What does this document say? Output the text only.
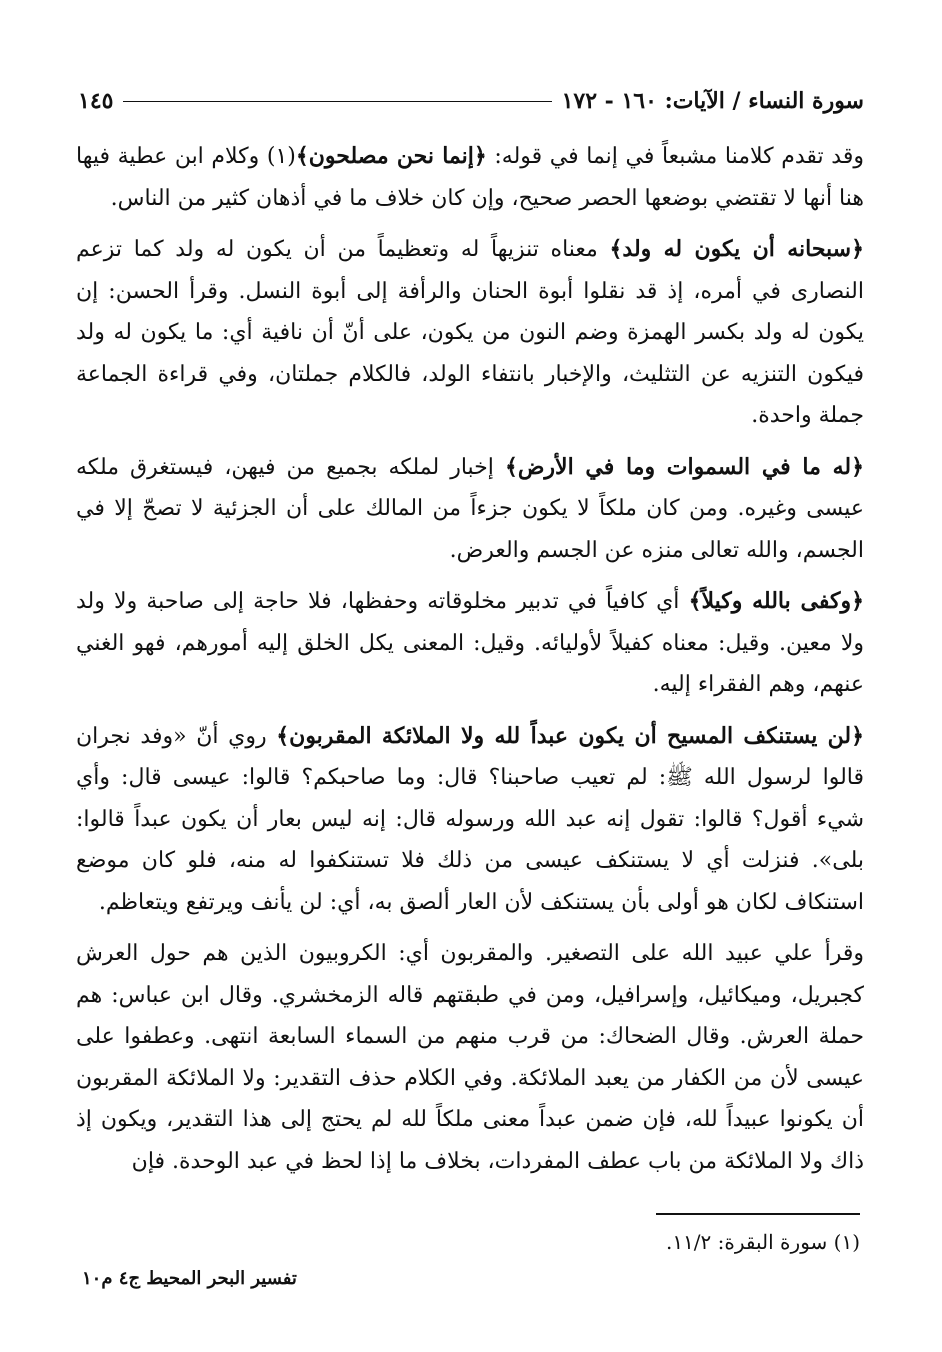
سورة النساء / الآيات: ١٦٠ - ١٧٢
١٤٥

وقد تقدم كلامنا مشبعاً في إنما في قوله: ﴿إنما نحن مصلحون﴾(١) وكلام ابن عطية فيها هنا أنها لا تقتضي بوضعها الحصر صحيح، وإن كان خلاف ما في أذهان كثير من الناس.

﴿سبحانه أن يكون له ولد﴾ معناه تنزيهاً له وتعظيماً من أن يكون له ولد كما تزعم النصارى في أمره، إذ قد نقلوا أبوة الحنان والرأفة إلى أبوة النسل. وقرأ الحسن: إن يكون له ولد بكسر الهمزة وضم النون من يكون، على أنّ أن نافية أي: ما يكون له ولد فيكون التنزيه عن التثليث، والإخبار بانتفاء الولد، فالكلام جملتان، وفي قراءة الجماعة جملة واحدة.

﴿له ما في السموات وما في الأرض﴾ إخبار لملكه بجميع من فيهن، فيستغرق ملكه عيسى وغيره. ومن كان ملكاً لا يكون جزءاً من المالك على أن الجزئية لا تصحّ إلا في الجسم، والله تعالى منزه عن الجسم والعرض.

﴿وكفى بالله وكيلاً﴾ أي كافياً في تدبير مخلوقاته وحفظها، فلا حاجة إلى صاحبة ولا ولد ولا معين. وقيل: معناه كفيلاً لأوليائه. وقيل: المعنى يكل الخلق إليه أمورهم، فهو الغني عنهم، وهم الفقراء إليه.

﴿لن يستنكف المسيح أن يكون عبداً لله ولا الملائكة المقربون﴾ روي أنّ «وفد نجران قالوا لرسول الله ﷺ: لم تعيب صاحبنا؟ قال: وما صاحبكم؟ قالوا: عيسى قال: وأي شيء أقول؟ قالوا: تقول إنه عبد الله ورسوله قال: إنه ليس بعار أن يكون عبداً قالوا: بلى». فنزلت أي لا يستنكف عيسى من ذلك فلا تستنكفوا له منه، فلو كان موضع استنكاف لكان هو أولى بأن يستنكف لأن العار ألصق به، أي: لن يأنف ويرتفع ويتعاظم.

وقرأ علي عبيد الله على التصغير. والمقربون أي: الكروبيون الذين هم حول العرش كجبريل، وميكائيل، وإسرافيل، ومن في طبقتهم قاله الزمخشري. وقال ابن عباس: هم حملة العرش. وقال الضحاك: من قرب منهم من السماء السابعة انتهى. وعطفوا على عيسى لأن من الكفار من يعبد الملائكة. وفي الكلام حذف التقدير: ولا الملائكة المقربون أن يكونوا عبيداً لله، فإن ضمن عبداً معنى ملكاً لله لم يحتج إلى هذا التقدير، ويكون إذ ذاك ولا الملائكة من باب عطف المفردات، بخلاف ما إذا لحظ في عبد الوحدة. فإن

(١) سورة البقرة: ١١/٢.
تفسير البحر المحيط ج٤ م١٠
